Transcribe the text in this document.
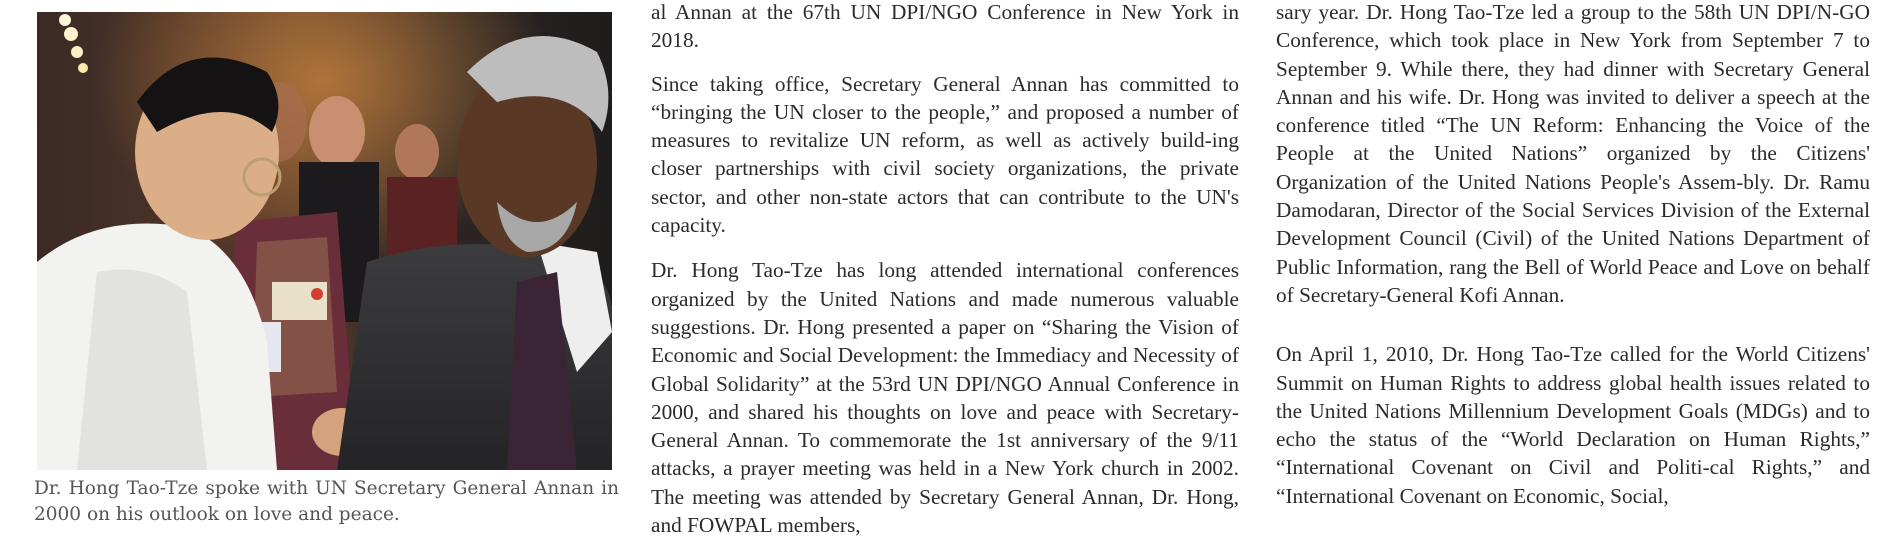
Dr. Hong Tao-Tze spoke with UN Secretary General Annan in 2000 on his outlook on love and peace.

al Annan at the 67th UN DPI/NGO Conference in New York in 2018.

Since taking office, Secretary General Annan has committed to “bringing the UN closer to the people,” and proposed a number of measures to revitalize UN reform, as well as actively build-ing closer partnerships with civil society organizations, the private sector, and other non-state actors that can contribute to the UN's capacity.

Dr. Hong Tao-Tze has long attended international conferences organized by the United Nations and made numerous valuable suggestions. Dr. Hong presented a paper on “Sharing the Vision of Economic and Social Development: the Immediacy and Necessity of Global Solidarity” at the 53rd UN DPI/NGO Annual Conference in 2000, and shared his thoughts on love and peace with Secretary-General Annan. To commemorate the 1st anniversary of the 9/11 attacks, a prayer meeting was held in a New York church in 2002. The meeting was attended by Secretary General Annan, Dr. Hong, and FOWPAL members,

sary year. Dr. Hong Tao-Tze led a group to the 58th UN DPI/N-GO Conference, which took place in New York from September 7 to September 9. While there, they had dinner with Secretary General Annan and his wife. Dr. Hong was invited to deliver a speech at the conference titled “The UN Reform: Enhancing the Voice of the People at the United Nations” organized by the Citizens' Organization of the United Nations People's Assem-bly. Dr. Ramu Damodaran, Director of the Social Services Division of the External Development Council (Civil) of the United Nations Department of Public Information, rang the Bell of World Peace and Love on behalf of Secretary-General Kofi Annan.

On April 1, 2010, Dr. Hong Tao-Tze called for the World Citizens' Summit on Human Rights to address global health issues related to the United Nations Millennium Development Goals (MDGs) and to echo the status of the “World Declaration on Human Rights,” “International Covenant on Civil and Politi-cal Rights,” and “International Covenant on Economic, Social,
